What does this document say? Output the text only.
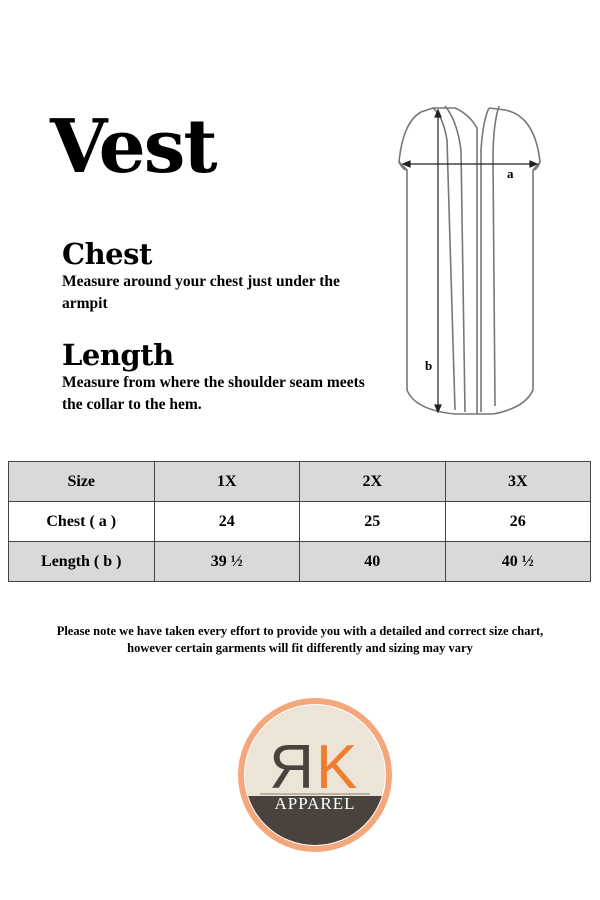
Vest
Chest
Measure around your chest just under the armpit
Length
Measure from where the shoulder seam meets the collar to the hem.
a
b
Size	1X	2X	3X
Chest ( a )	24	25	26
Length ( b )	39 ½	40	40 ½
Please note we have taken every effort to provide you with a detailed and correct size chart,
however certain garments will fit differently and sizing may vary
R K
APPAREL
